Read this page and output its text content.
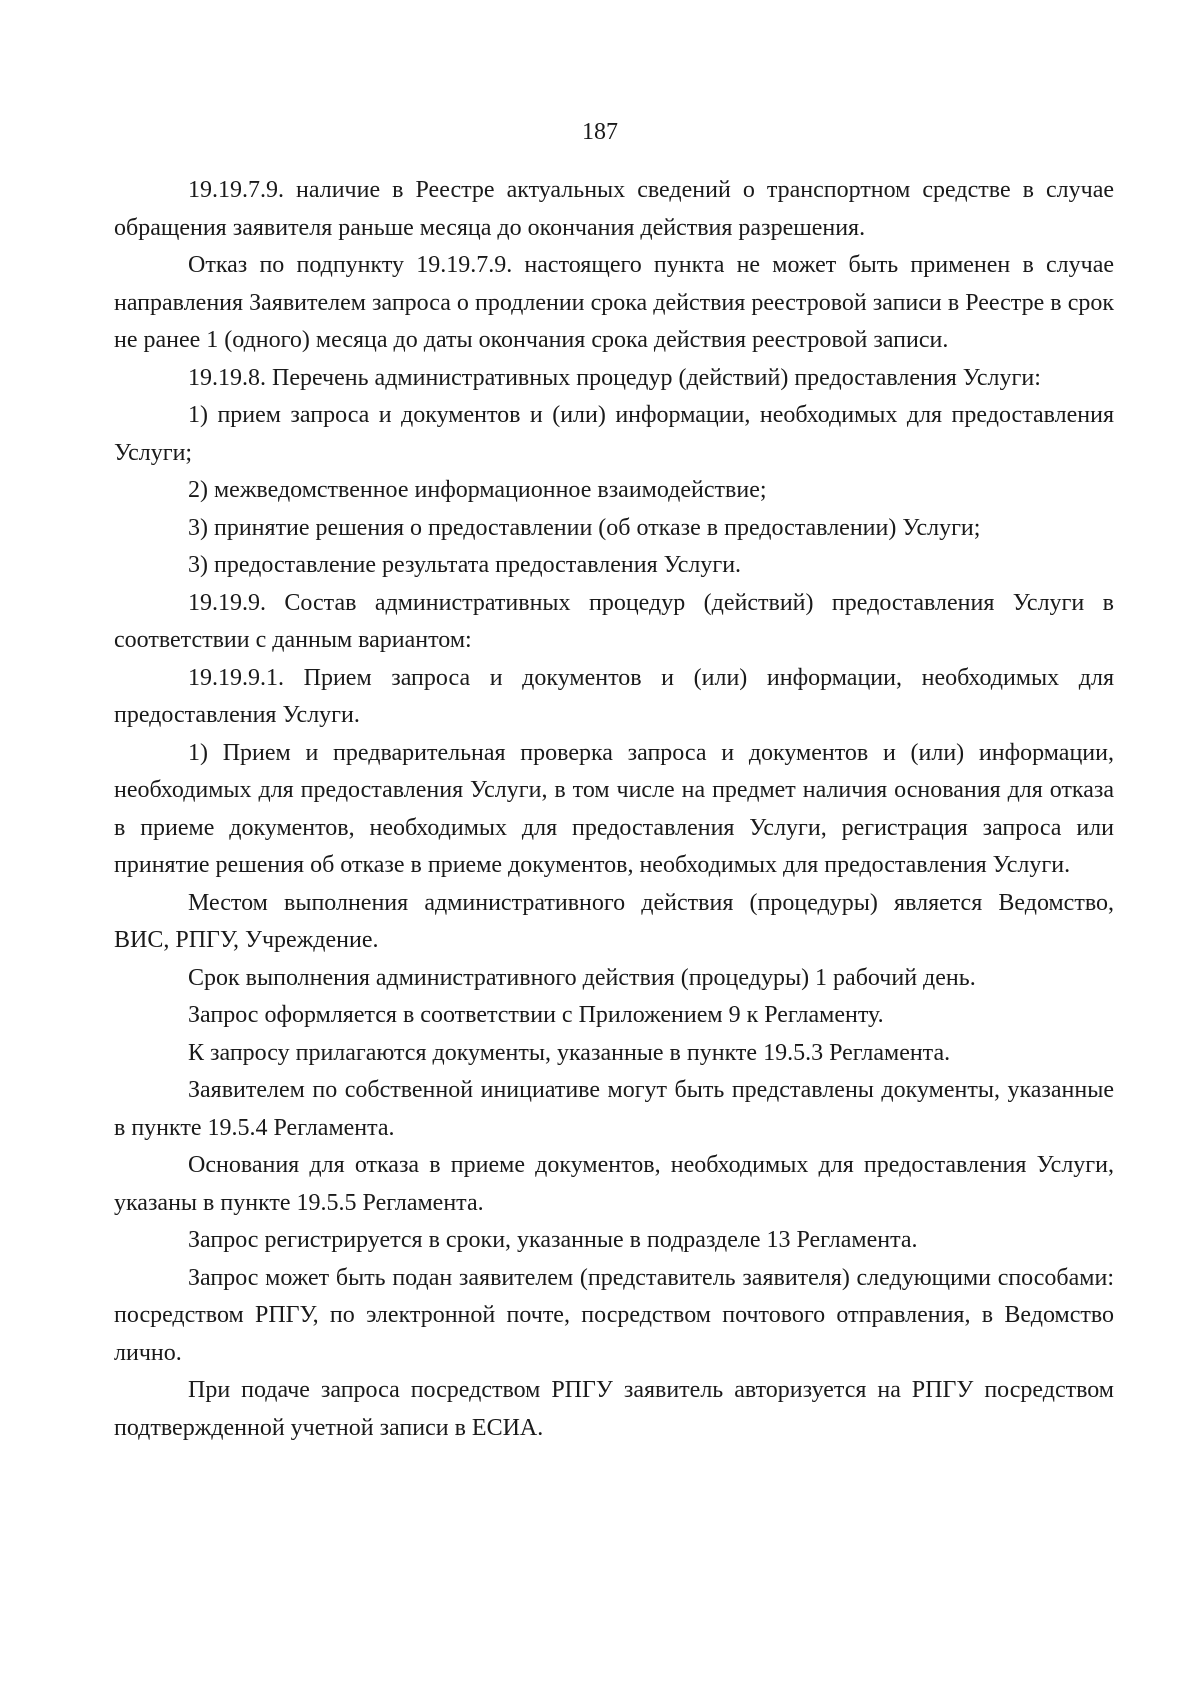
187

19.19.7.9. наличие в Реестре актуальных сведений о транспортном средстве в случае обращения заявителя раньше месяца до окончания действия разрешения.

Отказ по подпункту 19.19.7.9. настоящего пункта не может быть применен в случае направления Заявителем запроса о продлении срока действия реестровой записи в Реестре в срок не ранее 1 (одного) месяца до даты окончания срока действия реестровой записи.

19.19.8. Перечень административных процедур (действий) предоставления Услуги:

1) прием запроса и документов и (или) информации, необходимых для предоставления Услуги;

2) межведомственное информационное взаимодействие;

3) принятие решения о предоставлении (об отказе в предоставлении) Услуги;

3) предоставление результата предоставления Услуги.

19.19.9. Состав административных процедур (действий) предоставления Услуги в соответствии с данным вариантом:

19.19.9.1. Прием запроса и документов и (или) информации, необходимых для предоставления Услуги.

1) Прием и предварительная проверка запроса и документов и (или) информации, необходимых для предоставления Услуги, в том числе на предмет наличия основания для отказа в приеме документов, необходимых для предоставления Услуги, регистрация запроса или принятие решения об отказе в приеме документов, необходимых для предоставления Услуги.

Местом выполнения административного действия (процедуры) является Ведомство, ВИС, РПГУ, Учреждение.

Срок выполнения административного действия (процедуры) 1 рабочий день.

Запрос оформляется в соответствии с Приложением 9 к Регламенту.

К запросу прилагаются документы, указанные в пункте 19.5.3 Регламента.

Заявителем по собственной инициативе могут быть представлены документы, указанные в пункте 19.5.4 Регламента.

Основания для отказа в приеме документов, необходимых для предоставления Услуги, указаны в пункте 19.5.5 Регламента.

Запрос регистрируется в сроки, указанные в подразделе 13 Регламента.

Запрос может быть подан заявителем (представитель заявителя) следующими способами: посредством РПГУ, по электронной почте, посредством почтового отправления, в Ведомство лично.

При подаче запроса посредством РПГУ заявитель авторизуется на РПГУ посредством подтвержденной учетной записи в ЕСИА.
